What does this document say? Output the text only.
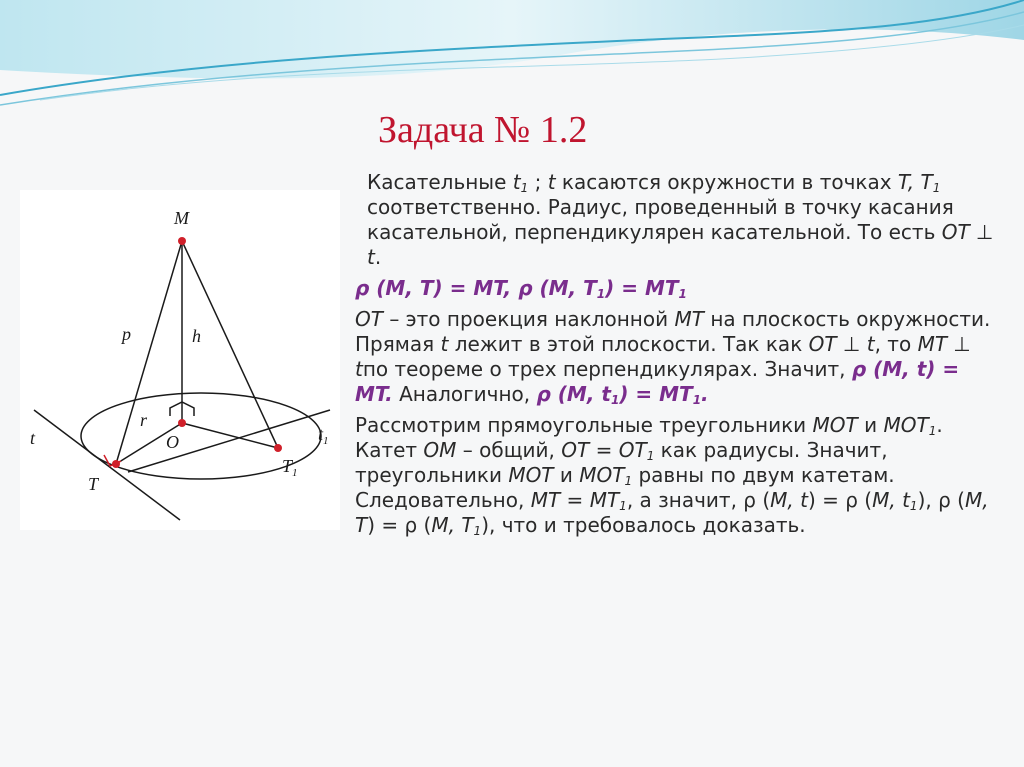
Задача № 1.2
M
O
T
$T_1$
t	$t_1$
p	h
r

Касательные $t_1$ ; t касаются окружности в точках T, $T_1$ соответственно. Радиус, проведенный в точку касания касательной, перпендикулярен касательной. То есть OT ⊥ t.

ρ (M, T) = MT, ρ (M, $T_1) = MT_1$

OT – это проекция наклонной MT на плоскость окружности. Прямая t лежит в этой плоскости. Так как OT ⊥ t, то MT ⊥ tпо теореме о трех перпендикулярах. Значит, ρ (M, t) = MT. Аналогично, ρ (M, $t_1) = MT_1$.

Рассмотрим прямоугольные треугольники MOT и $MOT_1$. Катет OM – общий, OT = $OT_1$ как радиусы. Значит, треугольники MOT и $MOT_1$ равны по двум катетам. Следовательно, MT = $MT_1$, а значит, ρ (M, t) = ρ (M, $t_1$), ρ (M, T) = ρ (M, $T_1$), что и требовалось доказать.
